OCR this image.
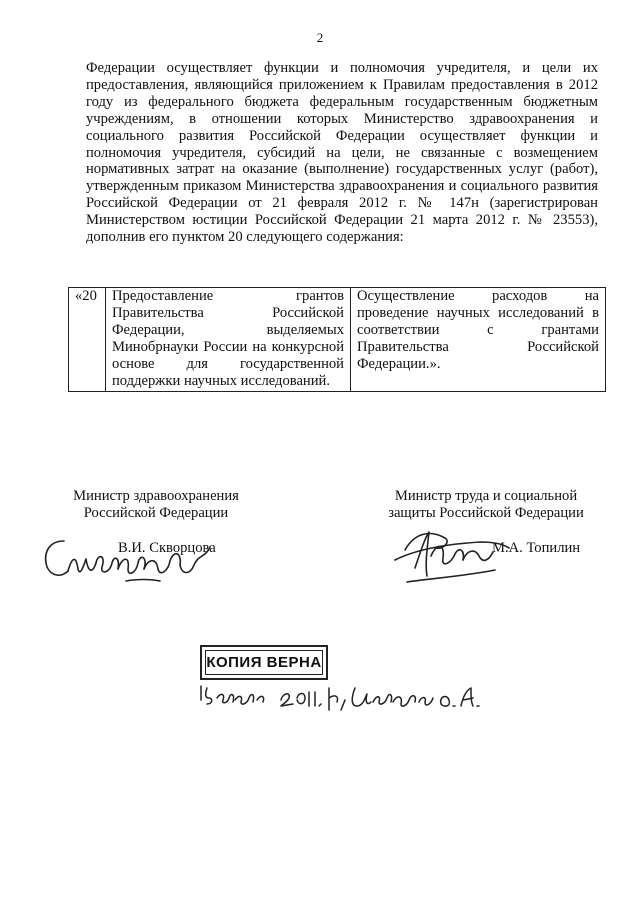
2

Федерации осуществляет функции и полномочия учредителя, и цели их предоставления, являющийся приложением к Правилам предоставления в 2012 году из федерального бюджета федеральным государственным бюджетным учреждениям, в отношении которых Министерство здравоохранения и социального развития Российской Федерации осуществляет функции и полномочия учредителя, субсидий на цели, не связанные с возмещением нормативных затрат на оказание (выполнение) государственных услуг (работ), утвержденным приказом Министерства здравоохранения и социального развития Российской Федерации от 21 февраля 2012 г. № 147н (зарегистрирован Министерством юстиции Российской Федерации 21 марта 2012 г. № 23553), дополнив его пунктом 20 следующего содержания:

«20	Предоставление грантов Правительства Российской Федерации, выделяемых Минобрнауки России на конкурсной основе для государственной поддержки научных исследований.	Осуществление расходов на проведение научных исследований в соответствии с грантами Правительства Российской Федерации.».
Министр здравоохранения
Российской Федерации
В.И. Скворцова
Министр труда и социальной
защиты Российской Федерации
М.А. Топилин
КОПИЯ ВЕРНА
